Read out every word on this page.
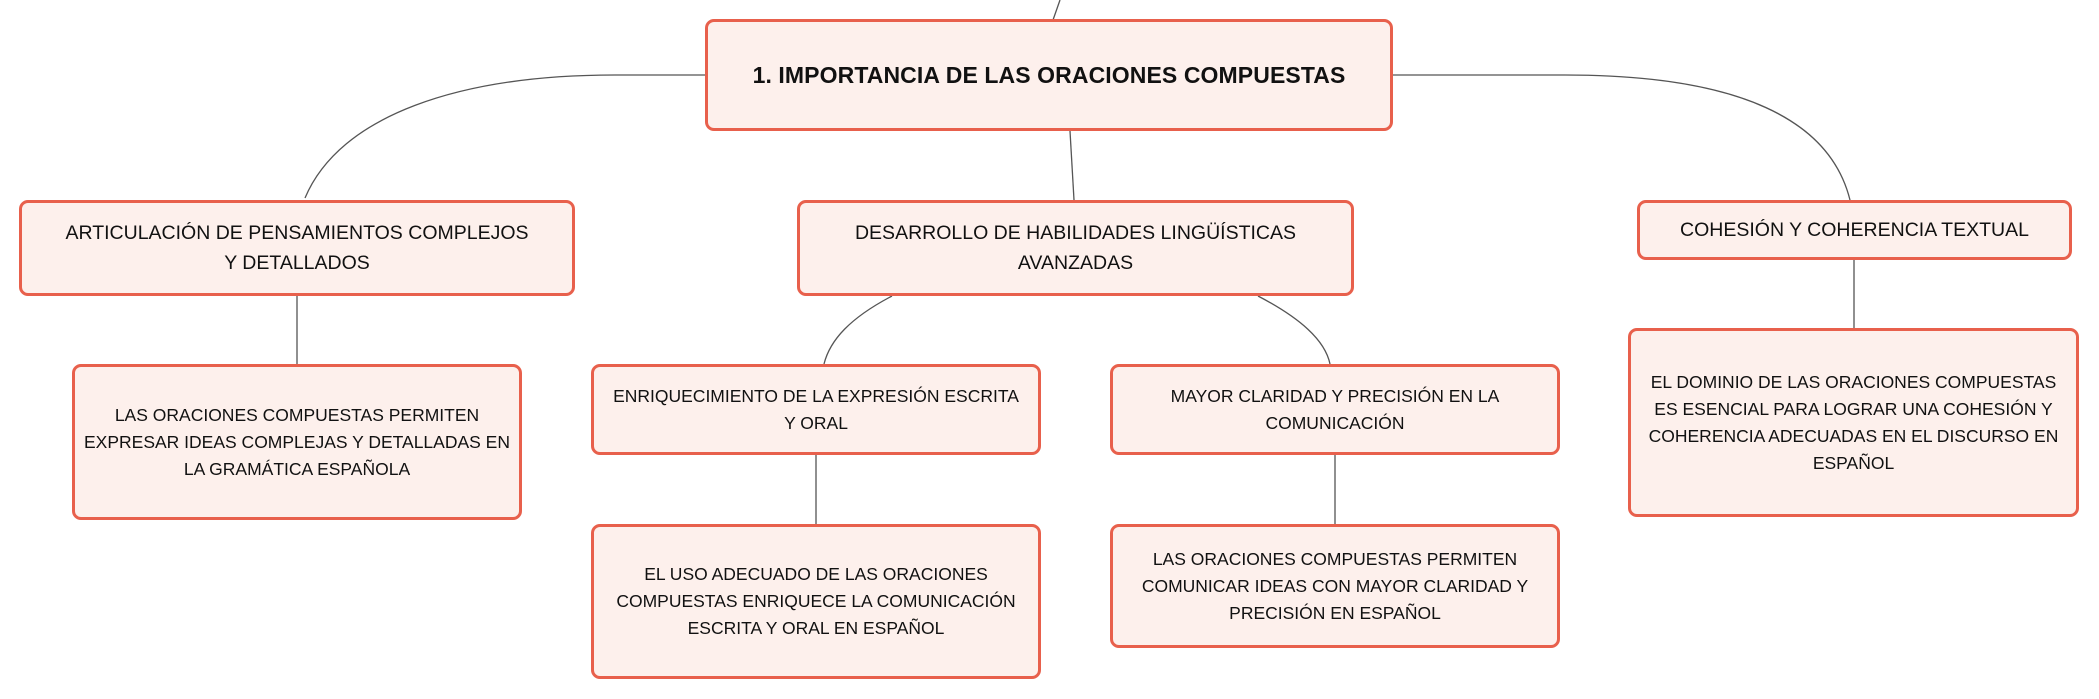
1. IMPORTANCIA DE LAS ORACIONES COMPUESTAS
ARTICULACIÓN DE PENSAMIENTOS COMPLEJOS Y DETALLADOS
DESARROLLO DE HABILIDADES LINGÜÍSTICAS AVANZADAS
COHESIÓN Y COHERENCIA TEXTUAL
LAS ORACIONES COMPUESTAS PERMITEN EXPRESAR IDEAS COMPLEJAS Y DETALLADAS EN LA GRAMÁTICA ESPAÑOLA
ENRIQUECIMIENTO DE LA EXPRESIÓN ESCRITA Y ORAL
MAYOR CLARIDAD Y PRECISIÓN EN LA COMUNICACIÓN
EL USO ADECUADO DE LAS ORACIONES COMPUESTAS ENRIQUECE LA COMUNICACIÓN ESCRITA Y ORAL EN ESPAÑOL
LAS ORACIONES COMPUESTAS PERMITEN COMUNICAR IDEAS CON MAYOR CLARIDAD Y PRECISIÓN EN ESPAÑOL
EL DOMINIO DE LAS ORACIONES COMPUESTAS ES ESENCIAL PARA LOGRAR UNA COHESIÓN Y COHERENCIA ADECUADAS EN EL DISCURSO EN ESPAÑOL
